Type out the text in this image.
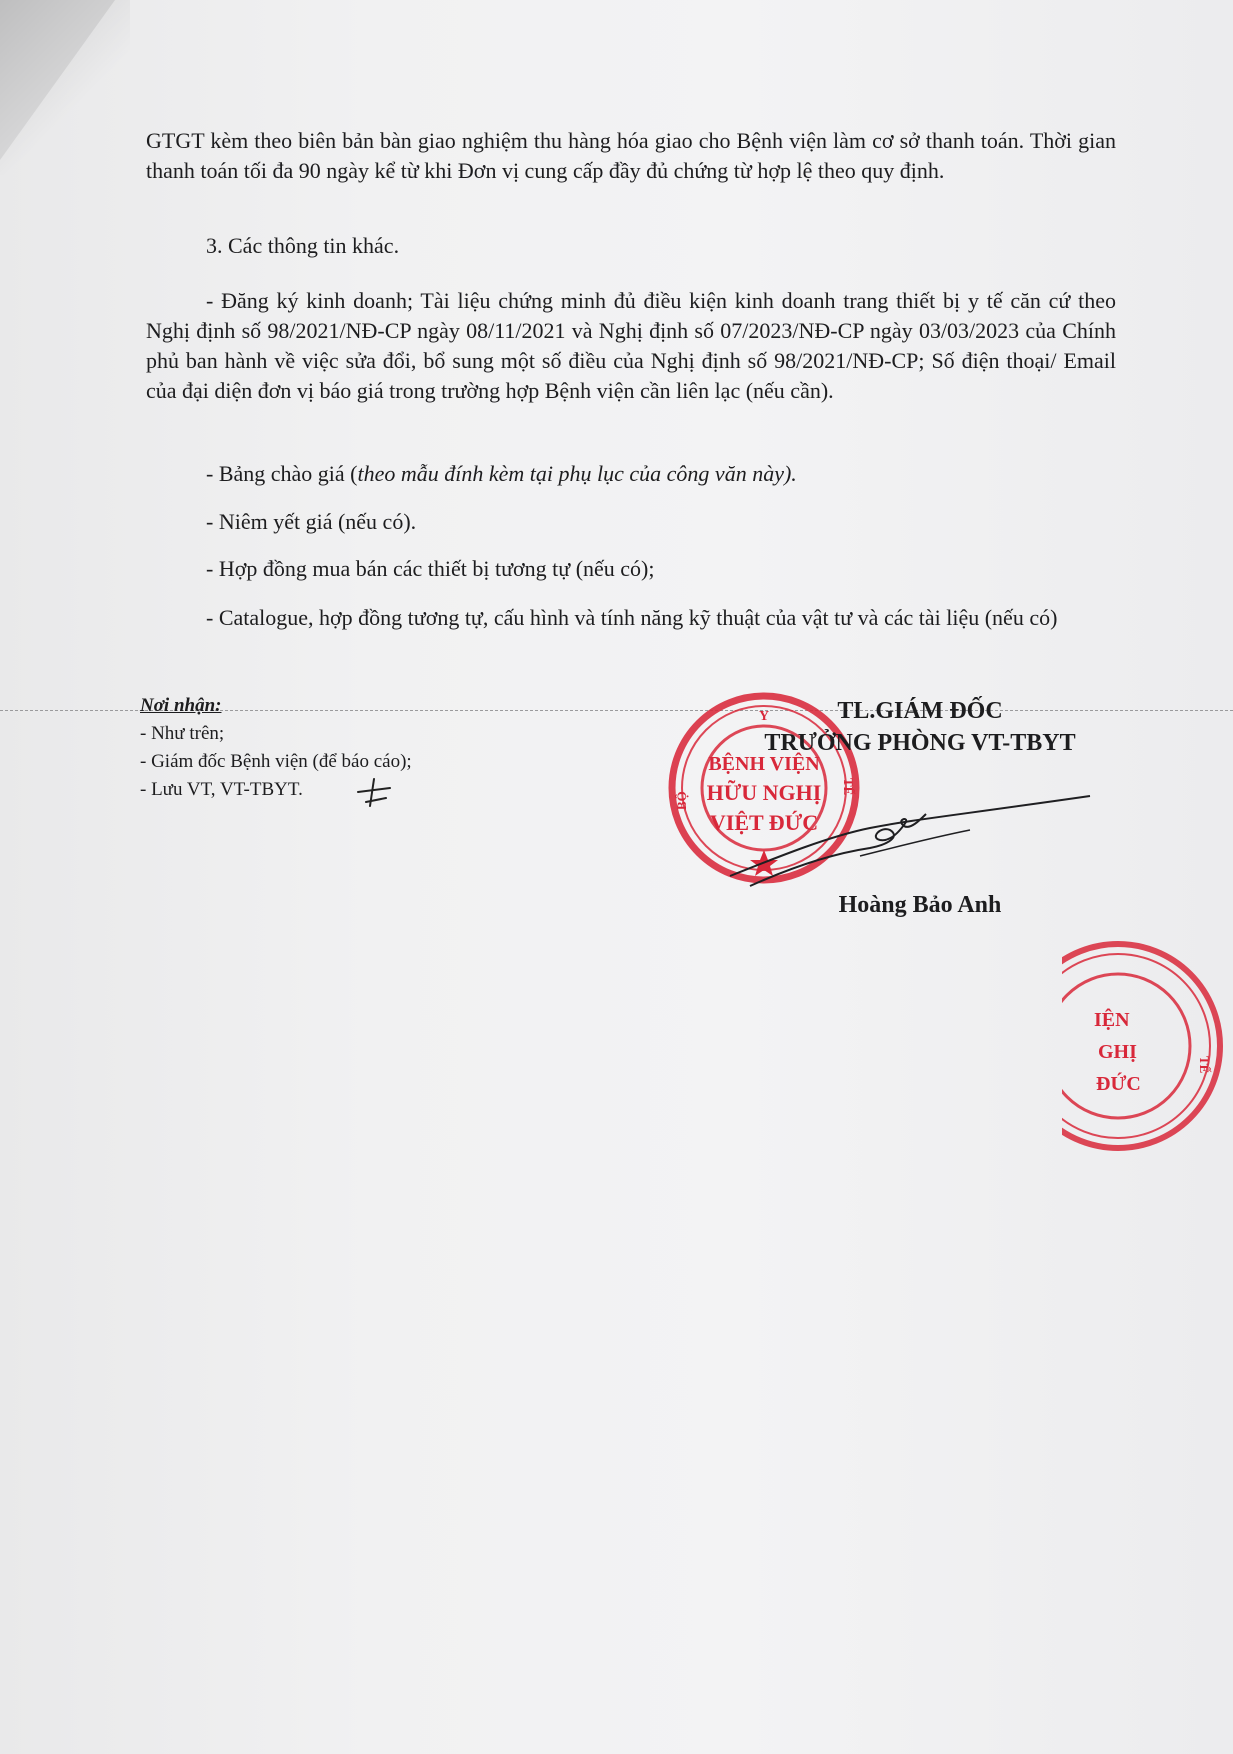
GTGT kèm theo biên bản bàn giao nghiệm thu hàng hóa giao cho Bệnh viện làm cơ sở thanh toán. Thời gian thanh toán tối đa 90 ngày kể từ khi Đơn vị cung cấp đầy đủ chứng từ hợp lệ theo quy định.
3. Các thông tin khác.
- Đăng ký kinh doanh; Tài liệu chứng minh đủ điều kiện kinh doanh trang thiết bị y tế căn cứ theo Nghị định số 98/2021/NĐ-CP ngày 08/11/2021 và Nghị định số 07/2023/NĐ-CP ngày 03/03/2023 của Chính phủ ban hành về việc sửa đổi, bổ sung một số điều của Nghị định số 98/2021/NĐ-CP; Số điện thoại/ Email của đại diện đơn vị báo giá trong trường hợp Bệnh viện cần liên lạc (nếu cần).
- Bảng chào giá (theo mẫu đính kèm tại phụ lục của công văn này).
- Niêm yết giá (nếu có).
- Hợp đồng mua bán các thiết bị tương tự (nếu có);
- Catalogue, hợp đồng tương tự, cấu hình và tính năng kỹ thuật của vật tư và các tài liệu (nếu có)
Nơi nhận:
- Như trên;
- Giám đốc Bệnh viện (để báo cáo);
- Lưu VT, VT-TBYT.
Y
BỘ
TẾ
BỆNH VIỆN
HỮU NGHỊ
VIỆT ĐỨC
TL.GIÁM ĐỐC
TRƯỞNG PHÒNG VT-TBYT
Hoàng Bảo Anh
IỆN
GHỊ
ĐỨC
TẾ
